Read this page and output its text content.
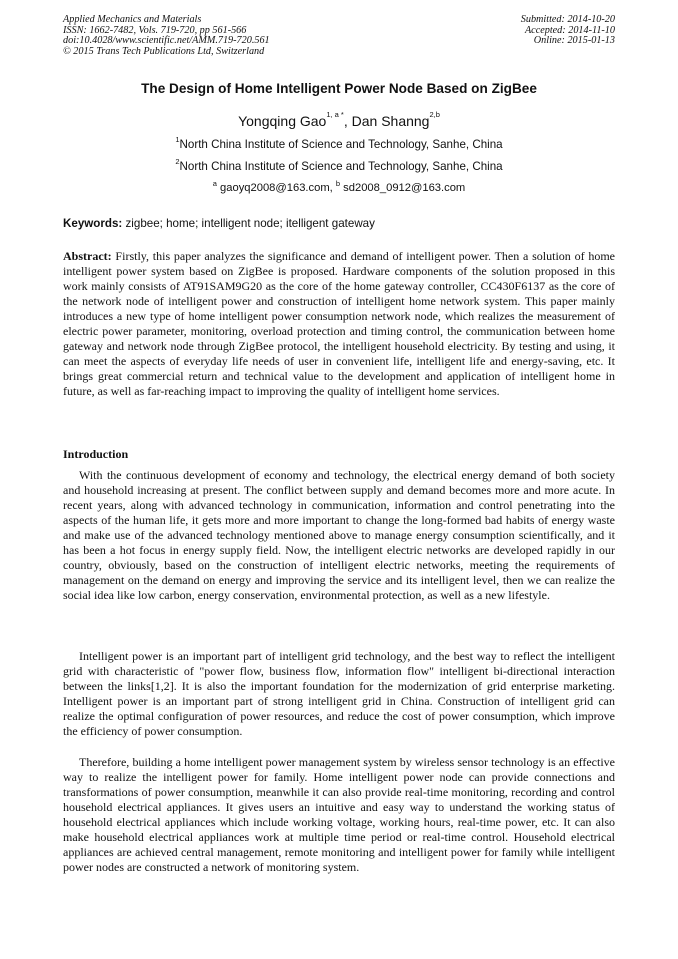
Applied Mechanics and Materials
ISSN: 1662-7482, Vols. 719-720, pp 561-566
doi:10.4028/www.scientific.net/AMM.719-720.561
© 2015 Trans Tech Publications Ltd, Switzerland
Submitted: 2014-10-20
Accepted: 2014-11-10
Online: 2015-01-13
The Design of Home Intelligent Power Node Based on ZigBee
Yongqing Gao$^{1, a *}$, Dan Shanng$^{2,b}$
$^1$North China Institute of Science and Technology, Sanhe, China
$^2$North China Institute of Science and Technology, Sanhe, China
$^a$ gaoyq2008@163.com, $^b$ sd2008_0912@163.com
Keywords: zigbee; home; intelligent node; itelligent gateway

Abstract: Firstly, this paper analyzes the significance and demand of intelligent power. Then a solution of home intelligent power system based on ZigBee is proposed. Hardware components of the solution proposed in this work mainly consists of AT91SAM9G20 as the core of the home gateway controller, CC430F6137 as the core of the network node of intelligent power and construction of intelligent home network system. This paper mainly introduces a new type of home intelligent power consumption network node, which realizes the measurement of electric power parameter, monitoring, overload protection and timing control, the communication between home gateway and network node through ZigBee protocol, the intelligent household electricity. By testing and using, it can meet the aspects of everyday life needs of user in convenient life, intelligent life and energy-saving, etc. It brings great commercial return and technical value to the development and application of intelligent home in future, as well as far-reaching impact to improving the quality of intelligent home services.

Introduction

With the continuous development of economy and technology, the electrical energy demand of both society and household increasing at present. The conflict between supply and demand becomes more and more acute. In recent years, along with advanced technology in communication, information and control penetrating into the aspects of the human life, it gets more and more important to change the long-formed bad habits of energy waste and make use of the advanced technology mentioned above to manage energy consumption scientifically, and it has been a hot focus in energy supply field. Now, the intelligent electric networks are developed rapidly in our country, obviously, based on the construction of intelligent electric networks, meeting the requirements of management on the demand on energy and improving the service and its intelligent level, then we can realize the social idea like low carbon, energy conservation, environmental protection, as well as a new lifestyle.

Intelligent power is an important part of intelligent grid technology, and the best way to reflect the intelligent grid with characteristic of "power flow, business flow, information flow" intelligent bi-directional interaction between the links[1,2]. It is also the important foundation for the modernization of grid enterprise marketing. Intelligent power is an important part of strong intelligent grid in China. Construction of intelligent grid can realize the optimal configuration of power resources, and reduce the cost of power consumption, which improve the efficiency of power consumption.

Therefore, building a home intelligent power management system by wireless sensor technology is an effective way to realize the intelligent power for family. Home intelligent power node can provide connections and transformations of power consumption, meanwhile it can also provide real-time monitoring, recording and control household electrical appliances. It gives users an intuitive and easy way to understand the working status of household electrical appliances which include working voltage, working hours, real-time power, etc. It can also make household electrical appliances work at multiple time period or real-time control. Household electrical appliances are achieved central management, remote monitoring and intelligent power for family while intelligent power nodes are constructed a network of monitoring system.
